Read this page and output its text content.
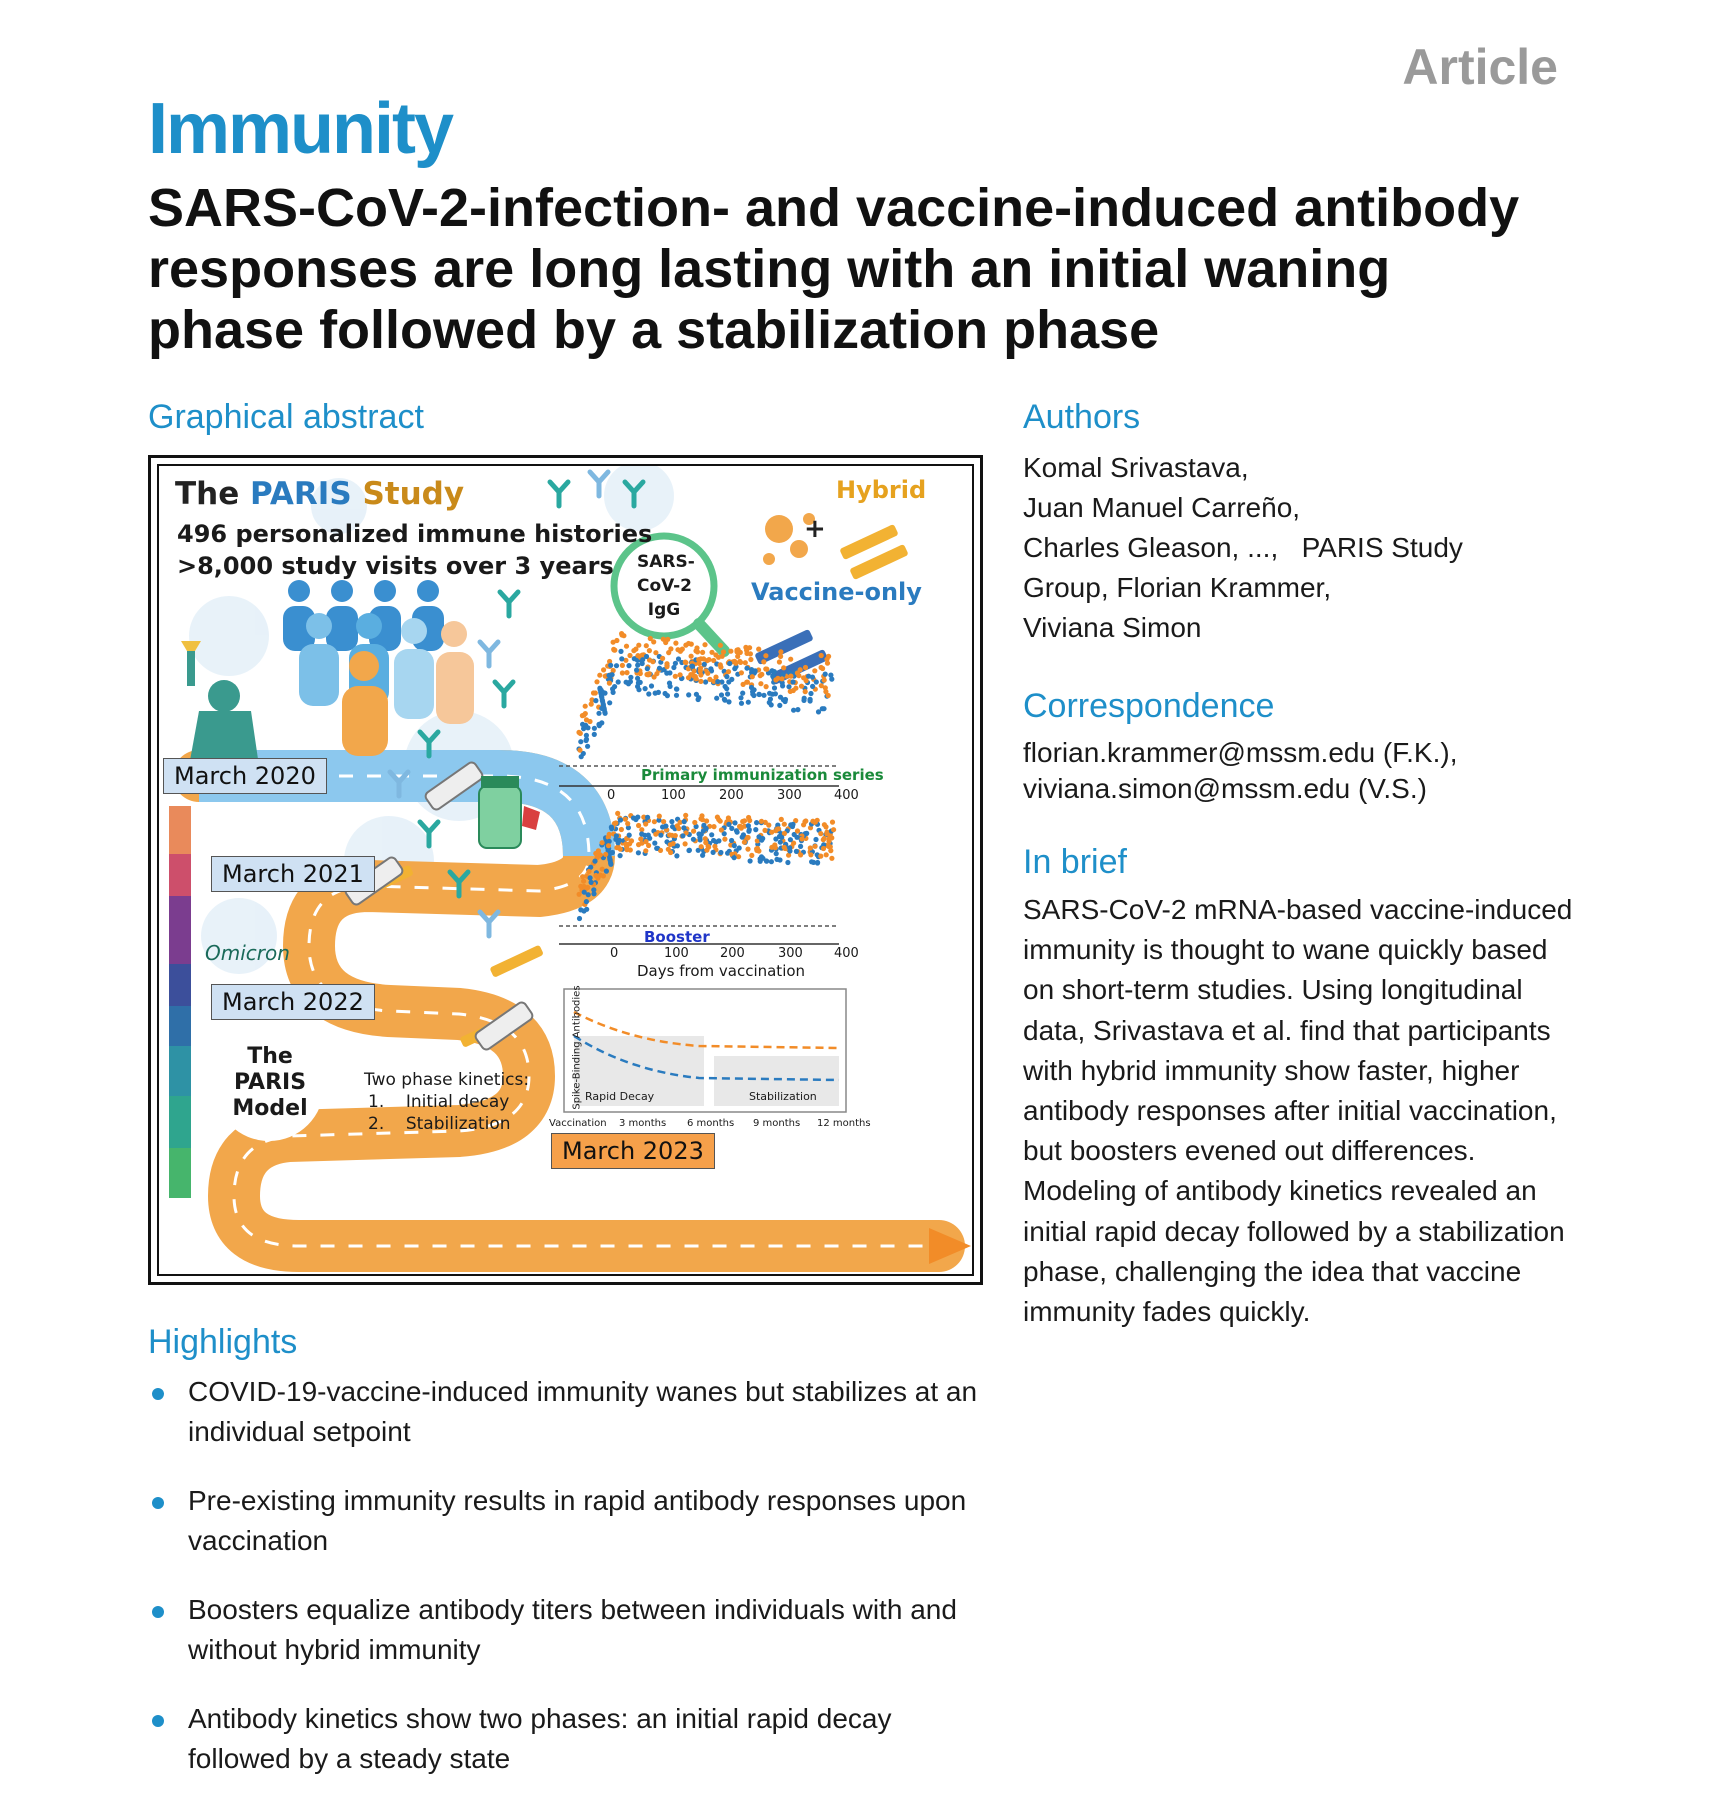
Article
Immunity
SARS-CoV-2-infection- and vaccine-induced antibody responses are long lasting with an initial waning phase followed by a stabilization phase
Graphical abstract	Authors
Komal Srivastava,
Juan Manuel Carreño,
Charles Gleason, ...,   PARIS Study
Group, Florian Krammer,
Viviana Simon
Correspondence
florian.krammer@mssm.edu (F.K.),
viviana.simon@mssm.edu (V.S.)
In brief
SARS-CoV-2 mRNA-based vaccine-induced immunity is thought to wane quickly based on short-term studies. Using longitudinal data, Srivastava et al. find that participants with hybrid immunity show faster, higher antibody responses after initial vaccination, but boosters evened out differences. Modeling of antibody kinetics revealed an initial rapid decay followed by a stabilization phase, challenging the idea that vaccine immunity fades quickly.
Highlights
COVID-19-vaccine-induced immunity wanes but stabilizes at an individual setpoint
Pre-existing immunity results in rapid antibody responses upon vaccination
Boosters equalize antibody titers between individuals with and without hybrid immunity
Antibody kinetics show two phases: an initial rapid decay followed by a steady state
The PARIS Study
496 personalized immune histories
>8,000 study visits over 3 years SARS-
CoV-2
IgG
Hybrid
+
Vaccine-only
Primary immunization series
0	100	200	300 400
Booster
0	100 200	300 400
Days from vaccination
March 2020
March 2021
March 2022
March 2023
Omicron
The
PARIS
Model
Two phase kinetics:
1.    Initial decay
2.    Stabilization
Spike-Binding Antibodies Rapid Decay	Stabilization
Vaccination 3 months 6 months 9 months 12 months
